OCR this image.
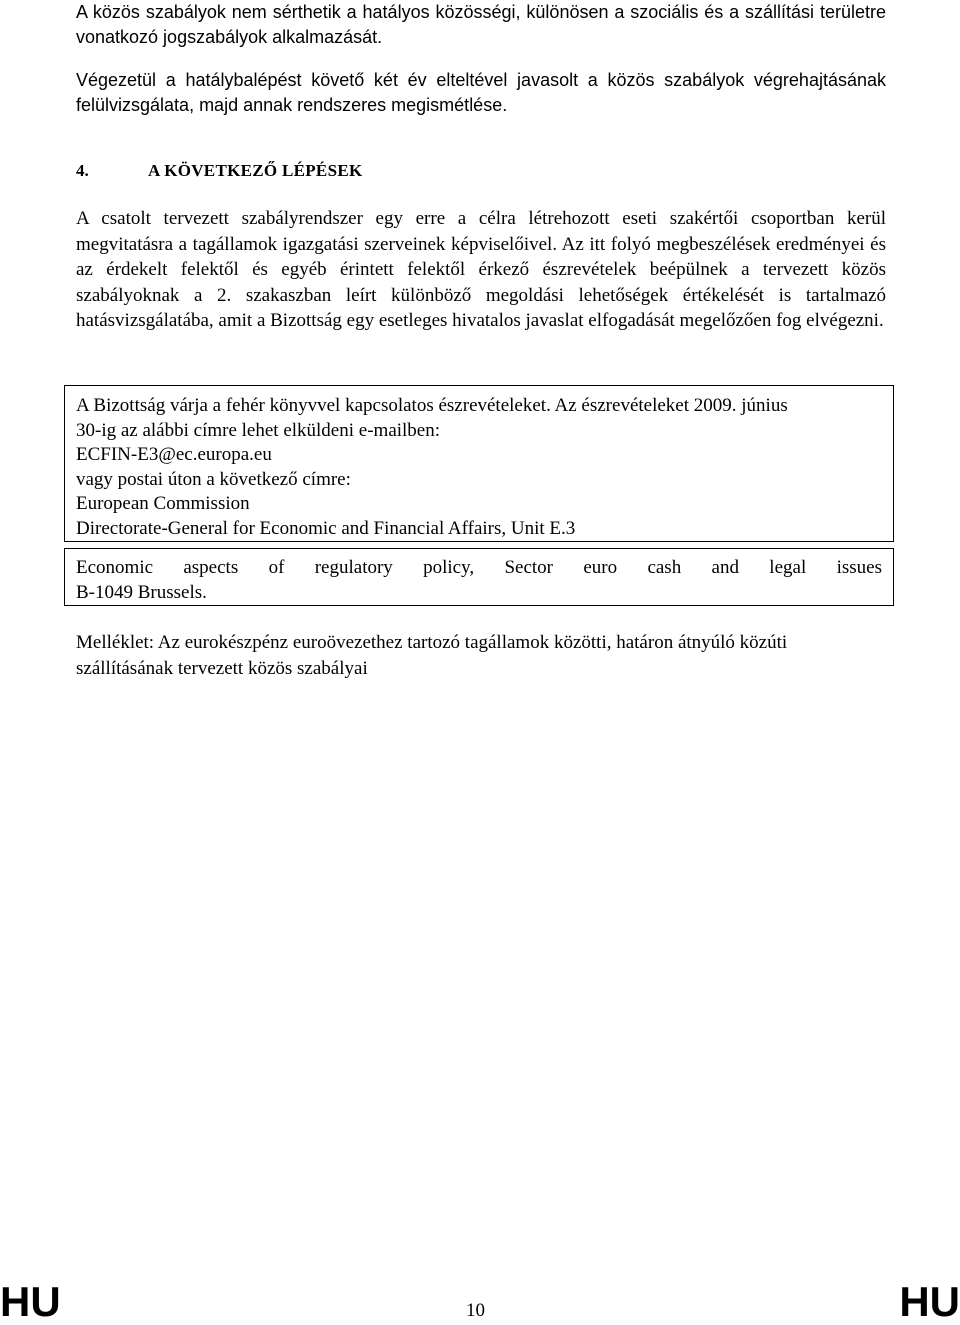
A közös szabályok nem sérthetik a hatályos közösségi, különösen a szociális és a szállítási területre vonatkozó jogszabályok alkalmazását.

Végezetül a hatálybalépést követő két év elteltével javasolt a közös szabályok végrehajtásának felülvizsgálata, majd annak rendszeres megismétlése.

4.	A KÖVETKEZŐ LÉPÉSEK

A csatolt tervezett szabályrendszer egy erre a célra létrehozott eseti szakértői csoportban kerül megvitatásra a tagállamok igazgatási szerveinek képviselőivel. Az itt folyó megbeszélések eredményei és az érdekelt felektől és egyéb érintett felektől érkező észrevételek beépülnek a tervezett közös szabályoknak a 2. szakaszban leírt különböző megoldási lehetőségek értékelését is tartalmazó hatásvizsgálatába, amit a Bizottság egy esetleges hivatalos javaslat elfogadását megelőzően fog elvégezni.

A Bizottság várja a fehér könyvvel kapcsolatos észrevételeket. Az észrevételeket 2009. június

30-ig az alábbi címre lehet elküldeni e-mailben:

ECFIN-E3@ec.europa.eu

vagy postai úton a következő címre:

European Commission

Directorate-General for Economic and Financial Affairs, Unit E.3

Economic aspects of regulatory policy, Sector euro cash and legal issues

B-1049 Brussels.

Melléklet: Az eurokészpénz euroövezethez tartozó tagállamok közötti, határon átnyúló közúti szállításának tervezett közös szabályai

HU	10	HU
